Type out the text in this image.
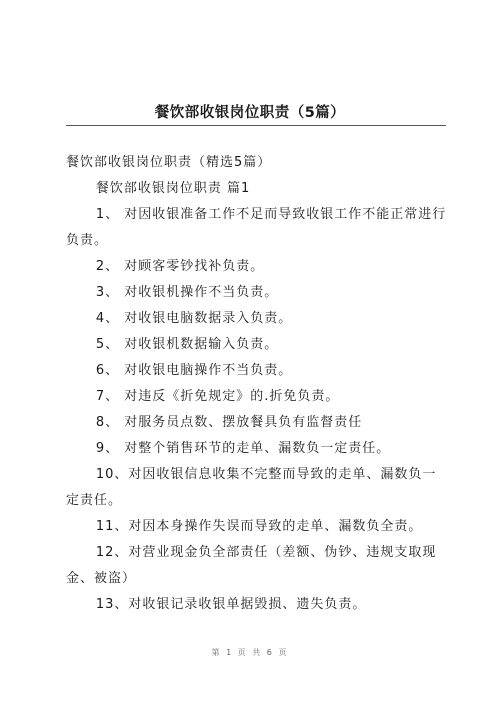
餐饮部收银岗位职责（5篇）

餐饮部收银岗位职责（精选5篇）

餐饮部收银岗位职责 篇1

1、 对因收银准备工作不足而导致收银工作不能正常进行负责。

2、 对顾客零钞找补负责。

3、 对收银机操作不当负责。

4、 对收银电脑数据录入负责。

5、 对收银机数据输入负责。

6、 对收银电脑操作不当负责。

7、 对违反《折免规定》的.折免负责。

8、 对服务员点数、摆放餐具负有监督责任

9、 对整个销售环节的走单、漏数负一定责任。

10、对因收银信息收集不完整而导致的走单、漏数负一定责任。

11、对因本身操作失误而导致的走单、漏数负全责。

12、对营业现金负全部责任（差额、伪钞、违规支取现金、被盗）

13、对收银记录收银单据毁损、遗失负责。

第 1 页 共 6 页
